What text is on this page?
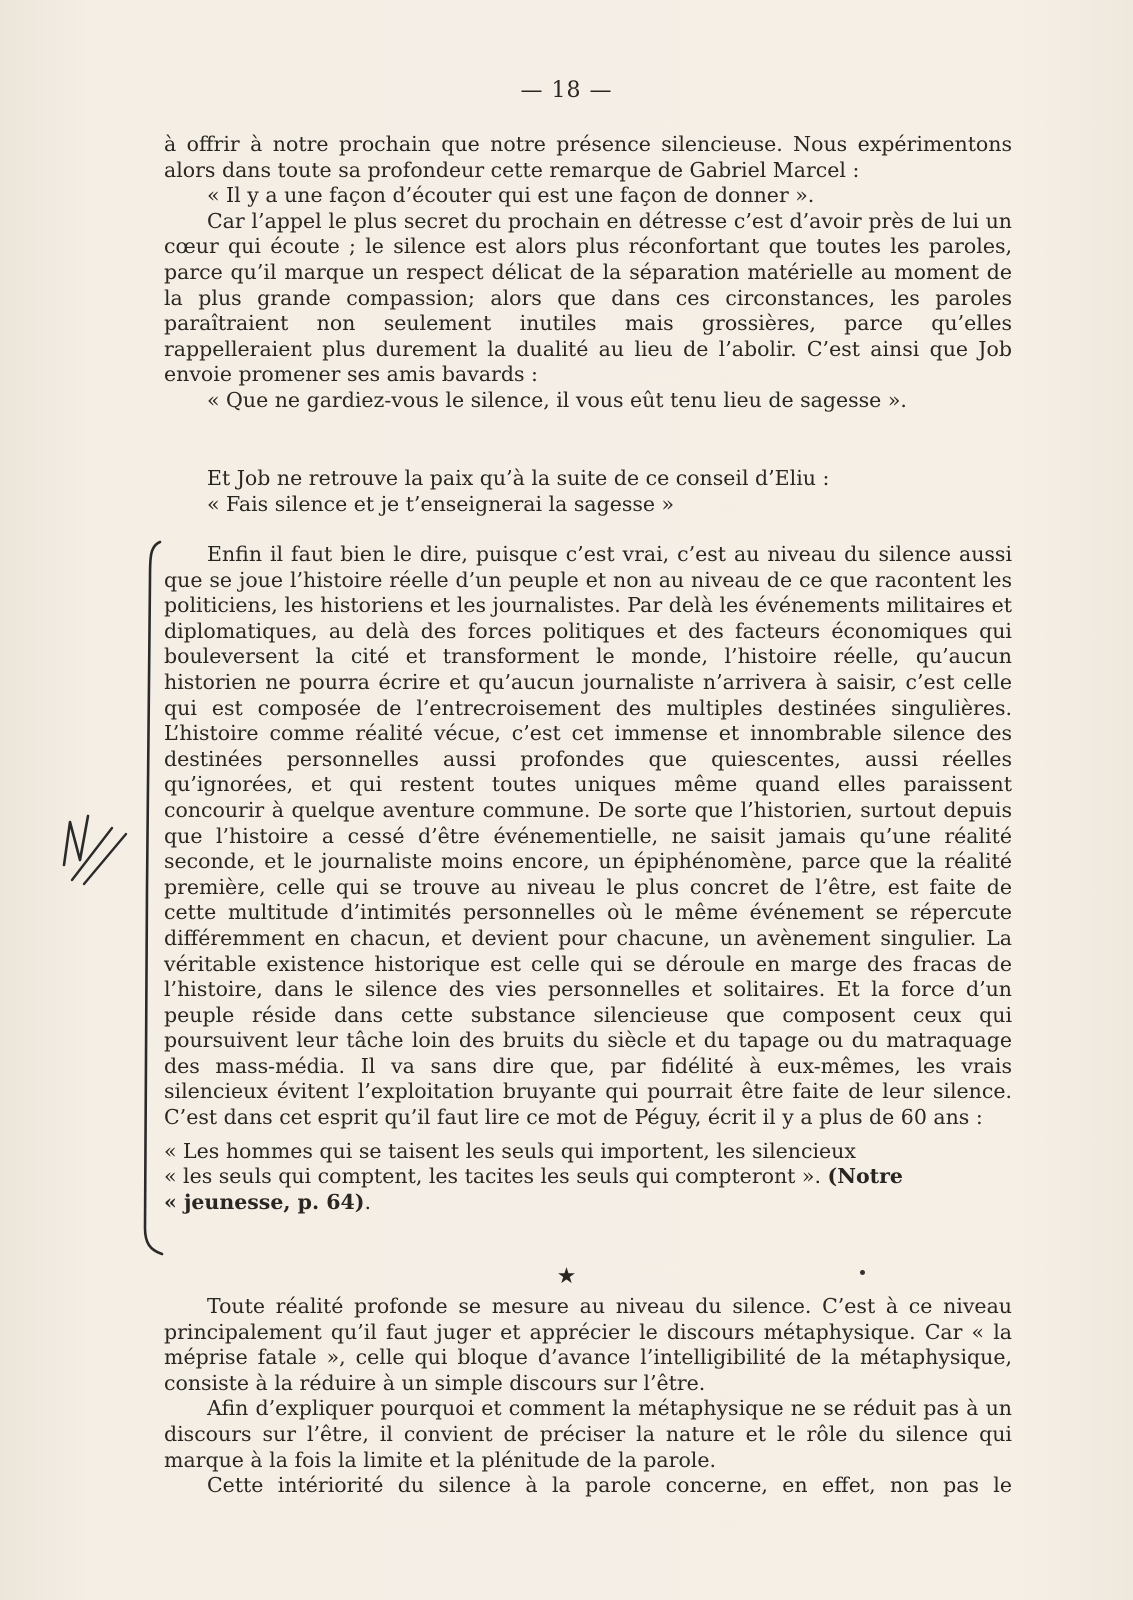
— 18 —

à offrir à notre prochain que notre présence silencieuse. Nous expérimentons alors dans toute sa profondeur cette remarque de Gabriel Marcel :

« Il y a une façon d’écouter qui est une façon de donner ».

Car l’appel le plus secret du prochain en détresse c’est d’avoir près de lui un cœur qui écoute ; le silence est alors plus réconfortant que toutes les paroles, parce qu’il marque un respect délicat de la séparation matérielle au moment de la plus grande compassion; alors que dans ces circonstances, les paroles paraîtraient non seulement inutiles mais grossières, parce qu’elles rappelleraient plus durement la dualité au lieu de l’abolir. C’est ainsi que Job envoie promener ses amis bavards :

« Que ne gardiez-vous le silence, il vous eût tenu lieu de sagesse ».

Et Job ne retrouve la paix qu’à la suite de ce conseil d’Eliu :

« Fais silence et je t’enseignerai la sagesse »

Enfin il faut bien le dire, puisque c’est vrai, c’est au niveau du silence aussi que se joue l’histoire réelle d’un peuple et non au niveau de ce que racontent les politiciens, les historiens et les journalistes. Par delà les événements militaires et diplomatiques, au delà des forces politiques et des facteurs économiques qui bouleversent la cité et transforment le monde, l’histoire réelle, qu’aucun historien ne pourra écrire et qu’aucun journaliste n’arrivera à saisir, c’est celle qui est composée de l’entrecroisement des multiples destinées singulières. L’histoire comme réalité vécue, c’est cet immense et innombrable silence des destinées personnelles aussi profondes que quiescentes, aussi réelles qu’ignorées, et qui restent toutes uniques même quand elles paraissent concourir à quelque aventure commune. De sorte que l’historien, surtout depuis que l’histoire a cessé d’être événementielle, ne saisit jamais qu’une réalité seconde, et le journaliste moins encore, un épiphénomène, parce que la réalité première, celle qui se trouve au niveau le plus concret de l’être, est faite de cette multitude d’intimités personnelles où le même événement se répercute différemment en chacun, et devient pour chacune, un avènement singulier. La véritable existence historique est celle qui se déroule en marge des fracas de l’histoire, dans le silence des vies personnelles et solitaires. Et la force d’un peuple réside dans cette substance silencieuse que composent ceux qui poursuivent leur tâche loin des bruits du siècle et du tapage ou du matraquage des mass-média. Il va sans dire que, par fidélité à eux-mêmes, les vrais silencieux évitent l’exploitation bruyante qui pourrait être faite de leur silence. C’est dans cet esprit qu’il faut lire ce mot de Péguy, écrit il y a plus de 60 ans :

« Les hommes qui se taisent les seuls qui importent, les silencieux
« les seuls qui comptent, les tacites les seuls qui compteront ». (Notre
« jeunesse, p. 64).

★

Toute réalité profonde se mesure au niveau du silence. C’est à ce niveau principalement qu’il faut juger et apprécier le discours métaphysique. Car « la méprise fatale », celle qui bloque d’avance l’intelligibilité de la métaphysique, consiste à la réduire à un simple discours sur l’être.

Afin d’expliquer pourquoi et comment la métaphysique ne se réduit pas à un discours sur l’être, il convient de préciser la nature et le rôle du silence qui marque à la fois la limite et la plénitude de la parole.

Cette intériorité du silence à la parole concerne, en effet, non pas le
